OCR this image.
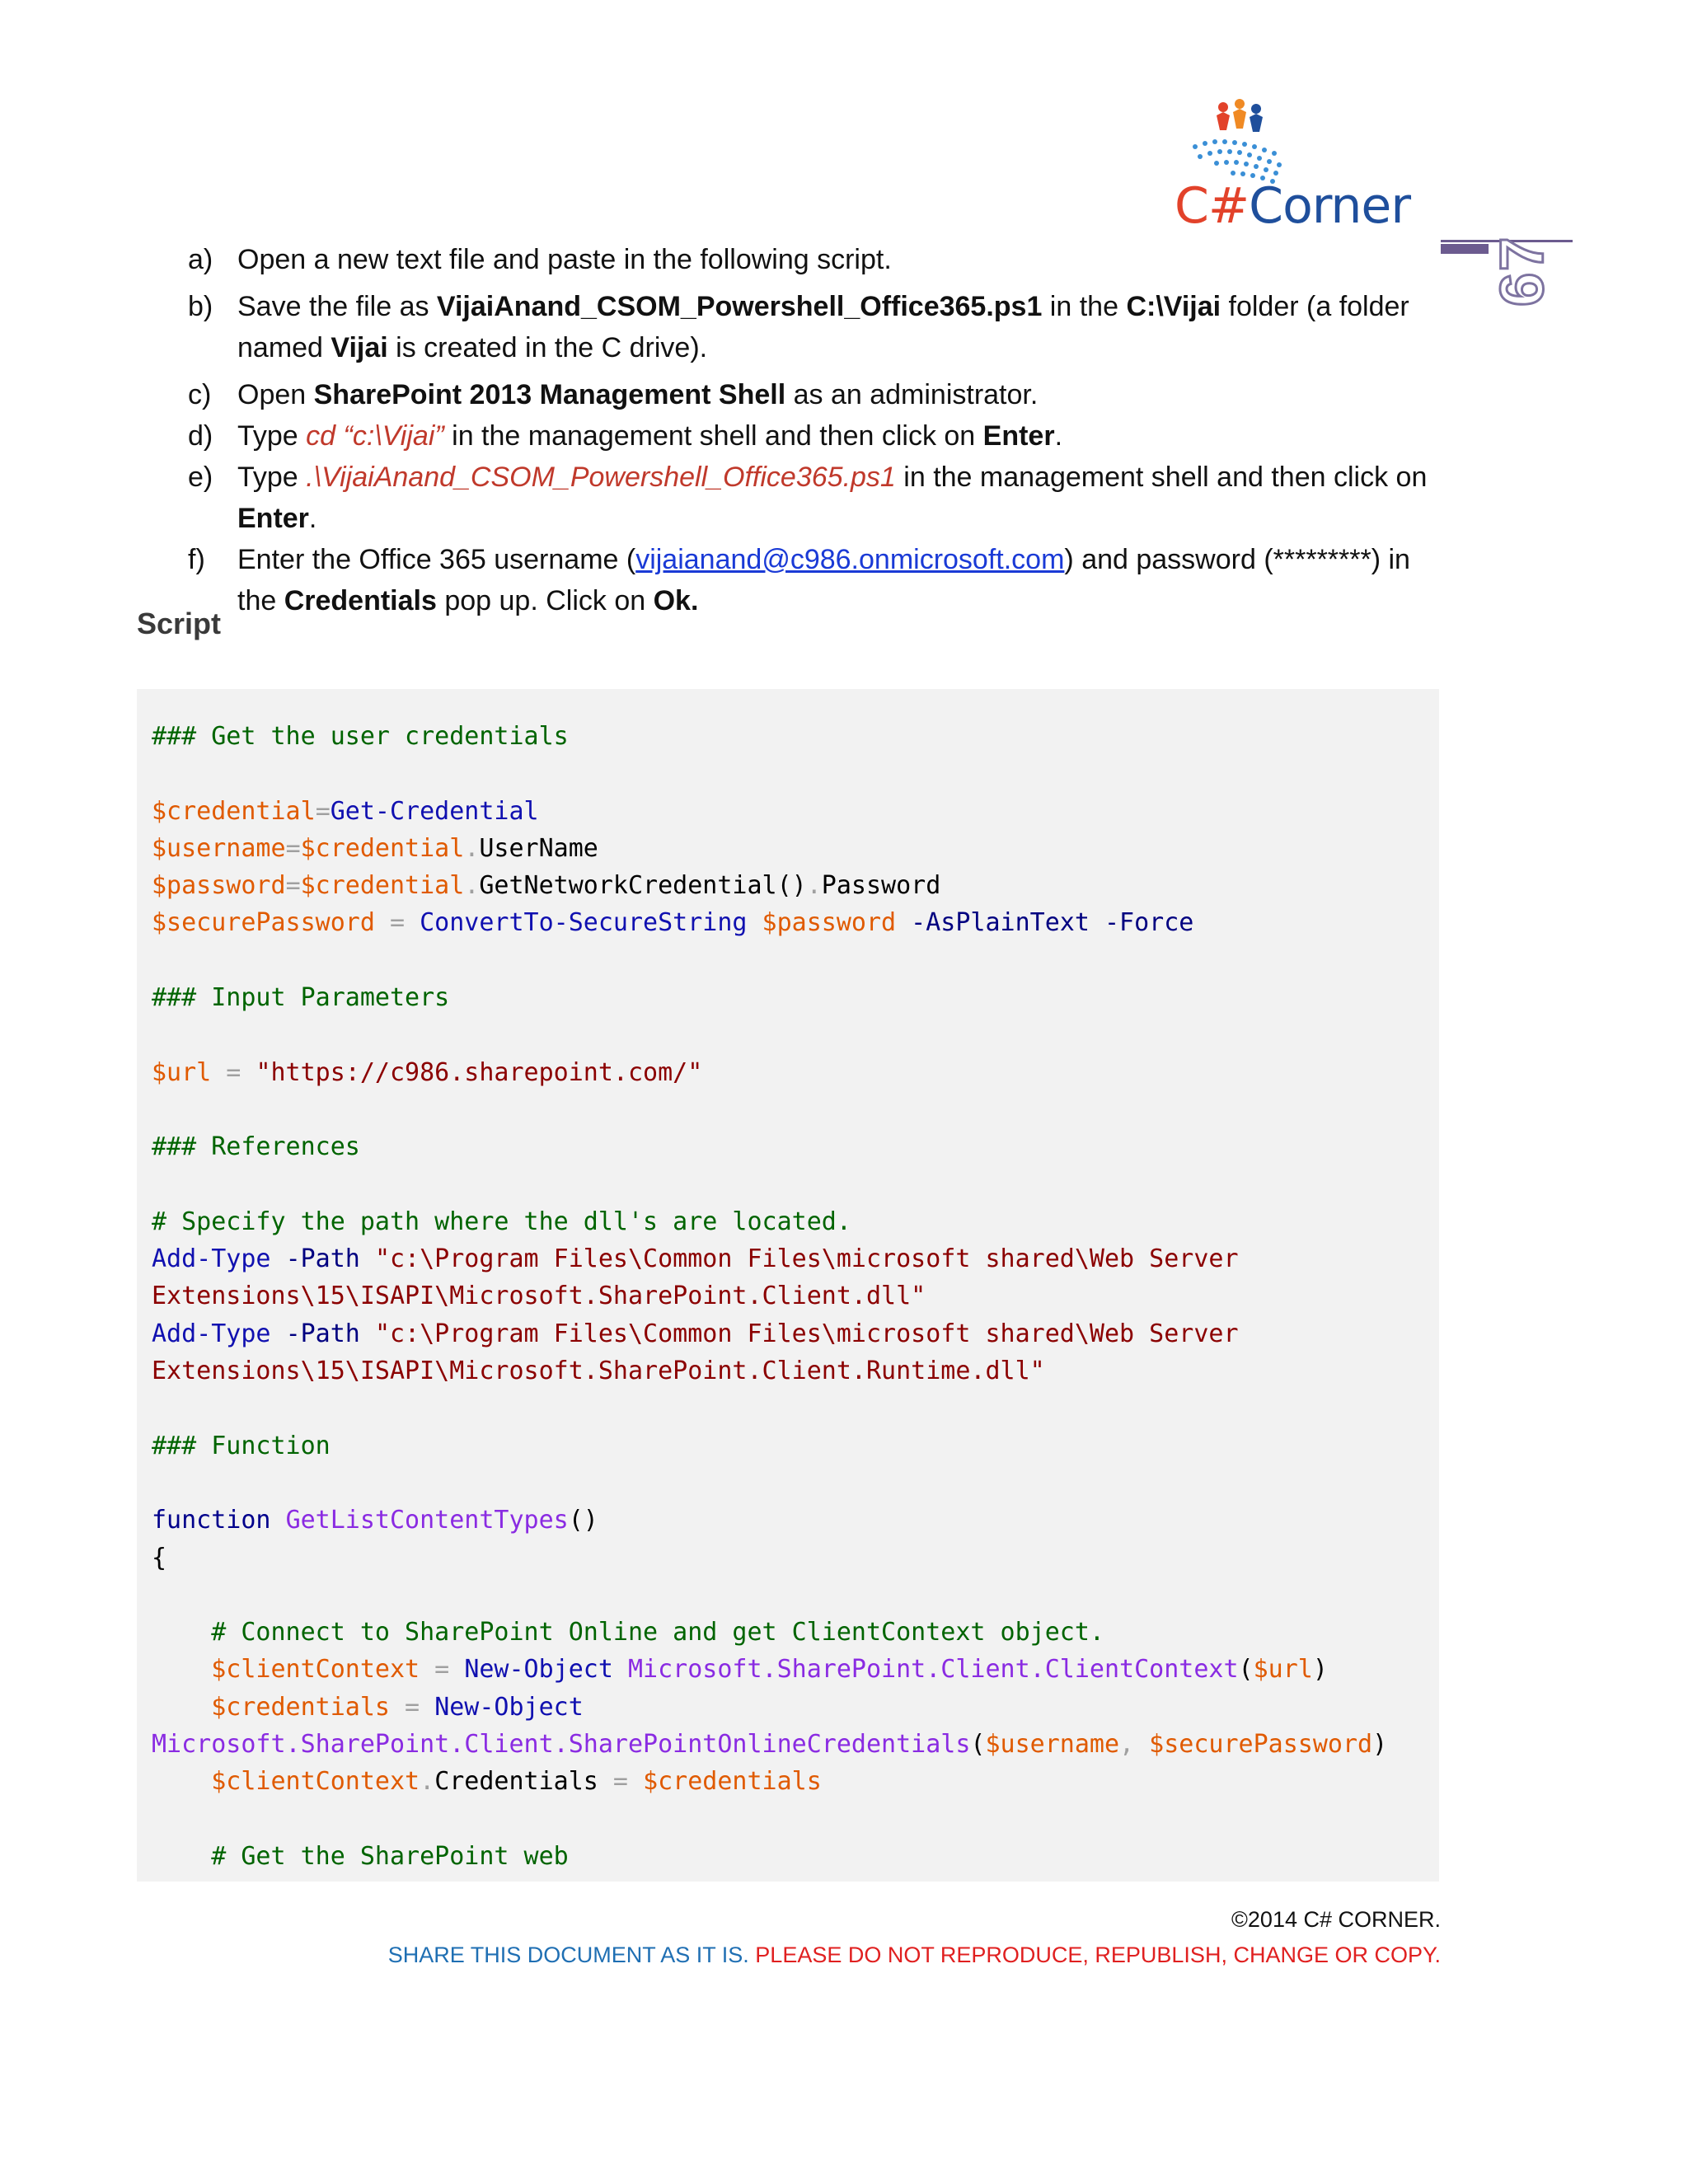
C#Corner
67
a) Open a new text file and paste in the following script.
b) Save the file as VijaiAnand_CSOM_Powershell_Office365.ps1 in the C:\Vijai folder (a folder named Vijai is created in the C drive).
c) Open SharePoint 2013 Management Shell as an administrator.
d) Type cd “c:\Vijai” in the management shell and then click on Enter.
e) Type .\VijaiAnand_CSOM_Powershell_Office365.ps1 in the management shell and then click on Enter.
f) Enter the Office 365 username (vijaianand@c986.onmicrosoft.com) and password (*********) in the Credentials pop up. Click on Ok.
Script
### Get the user credentials

$credential=Get-Credential
$username=$credential.UserName
$password=$credential.GetNetworkCredential().Password
$securePassword = ConvertTo-SecureString $password -AsPlainText -Force

### Input Parameters

$url = "https://c986.sharepoint.com/"

### References

# Specify the path where the dll's are located.
Add-Type -Path "c:\Program Files\Common Files\microsoft shared\Web Server
Extensions\15\ISAPI\Microsoft.SharePoint.Client.dll"
Add-Type -Path "c:\Program Files\Common Files\microsoft shared\Web Server
Extensions\15\ISAPI\Microsoft.SharePoint.Client.Runtime.dll"

### Function

function GetListContentTypes()
{

# Connect to SharePoint Online and get ClientContext object.
$clientContext = New-Object Microsoft.SharePoint.Client.ClientContext($url)
$credentials = New-Object
Microsoft.SharePoint.Client.SharePointOnlineCredentials($username, $securePassword)
$clientContext.Credentials = $credentials

# Get the SharePoint web
©2014 C# CORNER.
SHARE THIS DOCUMENT AS IT IS. PLEASE DO NOT REPRODUCE, REPUBLISH, CHANGE OR COPY.
